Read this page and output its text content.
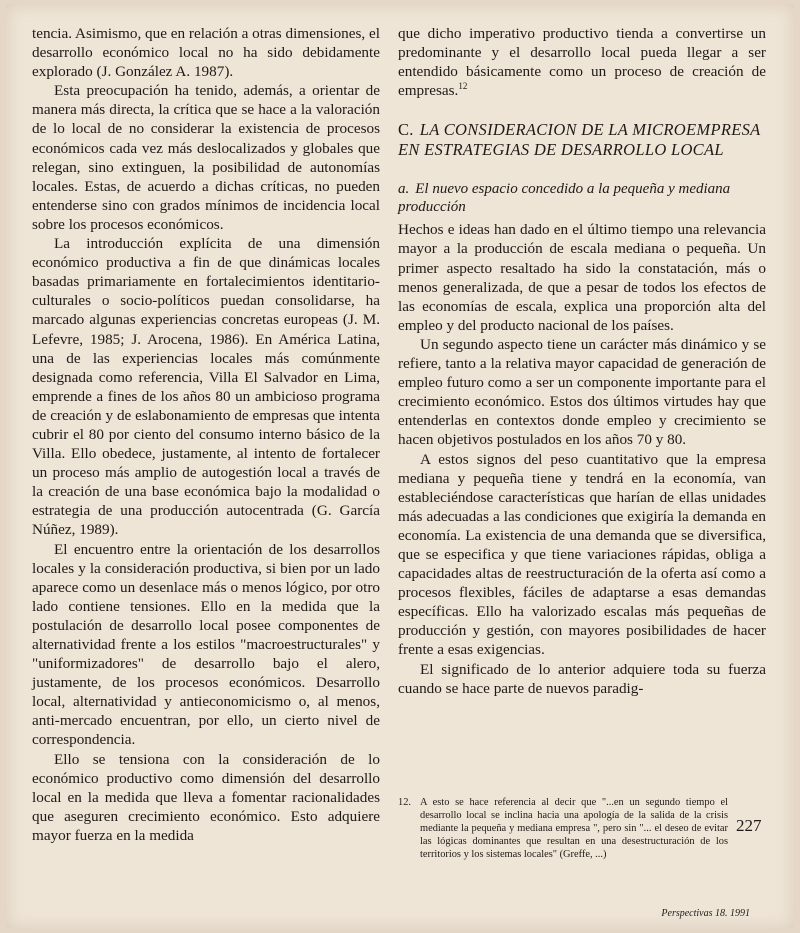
tencia. Asimismo, que en relación a otras dimensiones, el desarrollo económico local no ha sido debidamente explorado (J. González A. 1987).

Esta preocupación ha tenido, además, a orientar de manera más directa, la crítica que se hace a la valoración de lo local de no considerar la existencia de procesos económicos cada vez más deslocalizados y globales que relegan, sino extinguen, la posibilidad de autonomías locales. Estas, de acuerdo a dichas críticas, no pueden entenderse sino con grados mínimos de incidencia local sobre los procesos económicos.

La introducción explícita de una dimensión económico productiva a fin de que dinámicas locales basadas primariamente en fortalecimientos identitario-culturales o socio-políticos puedan consolidarse, ha marcado algunas experiencias concretas europeas (J. M. Lefevre, 1985; J. Arocena, 1986). En América Latina, una de las experiencias locales más comúnmente designada como referencia, Villa El Salvador en Lima, emprende a fines de los años 80 un ambicioso programa de creación y de eslabonamiento de empresas que intenta cubrir el 80 por ciento del consumo interno básico de la Villa. Ello obedece, justamente, al intento de fortalecer un proceso más amplio de autogestión local a través de la creación de una base económica bajo la modalidad o estrategia de una producción autocentrada (G. García Núñez, 1989).

El encuentro entre la orientación de los desarrollos locales y la consideración productiva, si bien por un lado aparece como un desenlace más o menos lógico, por otro lado contiene tensiones. Ello en la medida que la postulación de desarrollo local posee componentes de alternatividad frente a los estilos "macroestructurales" y "uniformizadores" de desarrollo bajo el alero, justamente, de los procesos económicos. Desarrollo local, alternatividad y antieconomicismo o, al menos, anti-mercado encuentran, por ello, un cierto nivel de correspondencia.

Ello se tensiona con la consideración de lo económico productivo como dimensión del desarrollo local en la medida que lleva a fomentar racionalidades que aseguren crecimiento económico. Esto adquiere mayor fuerza en la medida

que dicho imperativo productivo tienda a convertirse un predominante y el desarrollo local pueda llegar a ser entendido básicamente como un proceso de creación de empresas.$^{12}$

C. LA CONSIDERACION DE LA MICROEMPRESA EN ESTRATEGIAS DE DESARROLLO LOCAL
a. El nuevo espacio concedido a la pequeña y mediana producción

Hechos e ideas han dado en el último tiempo una relevancia mayor a la producción de escala mediana o pequeña. Un primer aspecto resaltado ha sido la constatación, más o menos generalizada, de que a pesar de todos los efectos de las economías de escala, explica una proporción alta del empleo y del producto nacional de los países.

Un segundo aspecto tiene un carácter más dinámico y se refiere, tanto a la relativa mayor capacidad de generación de empleo futuro como a ser un componente importante para el crecimiento económico. Estos dos últimos virtudes hay que entenderlas en contextos donde empleo y crecimiento se hacen objetivos postulados en los años 70 y 80.

A estos signos del peso cuantitativo que la empresa mediana y pequeña tiene y tendrá en la economía, van estableciéndose características que harían de ellas unidades más adecuadas a las condiciones que exigiría la demanda en economía. La existencia de una demanda que se diversifica, que se especifica y que tiene variaciones rápidas, obliga a capacidades altas de reestructuración de la oferta así como a procesos flexibles, fáciles de adaptarse a esas demandas específicas. Ello ha valorizado escalas más pequeñas de producción y gestión, con mayores posibilidades de hacer frente a esas exigencias.

El significado de lo anterior adquiere toda su fuerza cuando se hace parte de nuevos paradig-

12. A esto se hace referencia al decir que "...en un segundo tiempo el desarrollo local se inclina hacia una apología de la salida de la crisis mediante la pequeña y mediana empresa ", pero sin "... el deseo de evitar las lógicas dominantes que resultan en una desestructuración de los territorios y los sistemas locales" (Greffe, ...)
227
Perspectivas 18. 1991
